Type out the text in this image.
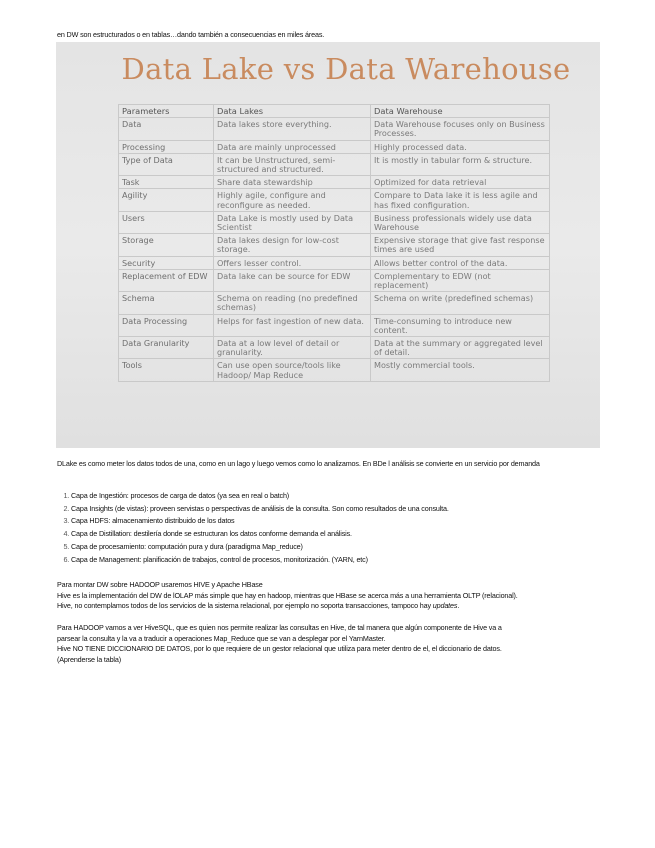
en DW son estructurados o en tablas…dando también a consecuencias en miles áreas.
Data Lake vs Data Warehouse
Parameters	Data Lakes	Data Warehouse
Data	Data lakes store everything.	Data Warehouse focuses only on Business Processes.
Processing	Data are mainly unprocessed	Highly processed data.
Type of Data	It can be Unstructured, semi-structured and structured.	It is mostly in tabular form & structure.
Task	Share data stewardship	Optimized for data retrieval
Agility	Highly agile, configure and reconfigure as needed.	Compare to Data lake it is less agile and has fixed configuration.
Users	Data Lake is mostly used by Data Scientist	Business professionals widely use data Warehouse
Storage	Data lakes design for low-cost storage.	Expensive storage that give fast response times are used
Security	Offers lesser control.	Allows better control of the data.
Replacement of EDW	Data lake can be source for EDW	Complementary to EDW (not replacement)
Schema	Schema on reading (no predefined schemas)	Schema on write (predefined schemas)
Data Processing	Helps for fast ingestion of new data.	Time-consuming to introduce new content.
Data Granularity	Data at a low level of detail or granularity.	Data at the summary or aggregated level of detail.
Tools	Can use open source/tools like Hadoop/ Map Reduce	Mostly commercial tools.
DLake es como meter los datos todos de una, como en un lago y luego vemos como lo analizamos. En BDe l análisis se convierte en un servicio por demanda
1. Capa de Ingestión: procesos de carga de datos (ya sea en real o batch)
2. Capa Insights (de vistas): proveen servistas o perspectivas de análisis de la consulta. Son como resultados de una consulta.
3. Capa HDFS: almacenamiento distribuido de los datos
4. Capa de Distillation: destilería donde se estructuran los datos conforme demanda el análisis.
5. Capa de procesamiento: computación pura y dura (paradigma Map_reduce)
6. Capa de Management: planificación de trabajos, control de procesos, monitorización. (YARN, etc)
Para montar DW sobre HADOOP usaremos HIVE y Apache HBase
Hive es la implementación del DW de lOLAP más simple que hay en hadoop, mientras que HBase se acerca más a una herramienta OLTP (relacional).
Hive, no contemplamos todos de los servicios de la sistema relacional, por ejemplo no soporta transacciones, tampoco hay updates.
Para HADOOP vamos a ver HiveSQL, que es quien nos permite realizar las consultas en Hive, de tal manera que algún componente de Hive va a
parsear la consulta y la va a traducir a operaciones Map_Reduce que se van a desplegar por el YarnMaster.
Hive NO TIENE DICCIONARIO DE DATOS, por lo que requiere de un gestor relacional que utiliza para meter dentro de el, el diccionario de datos.
(Aprenderse la tabla)
